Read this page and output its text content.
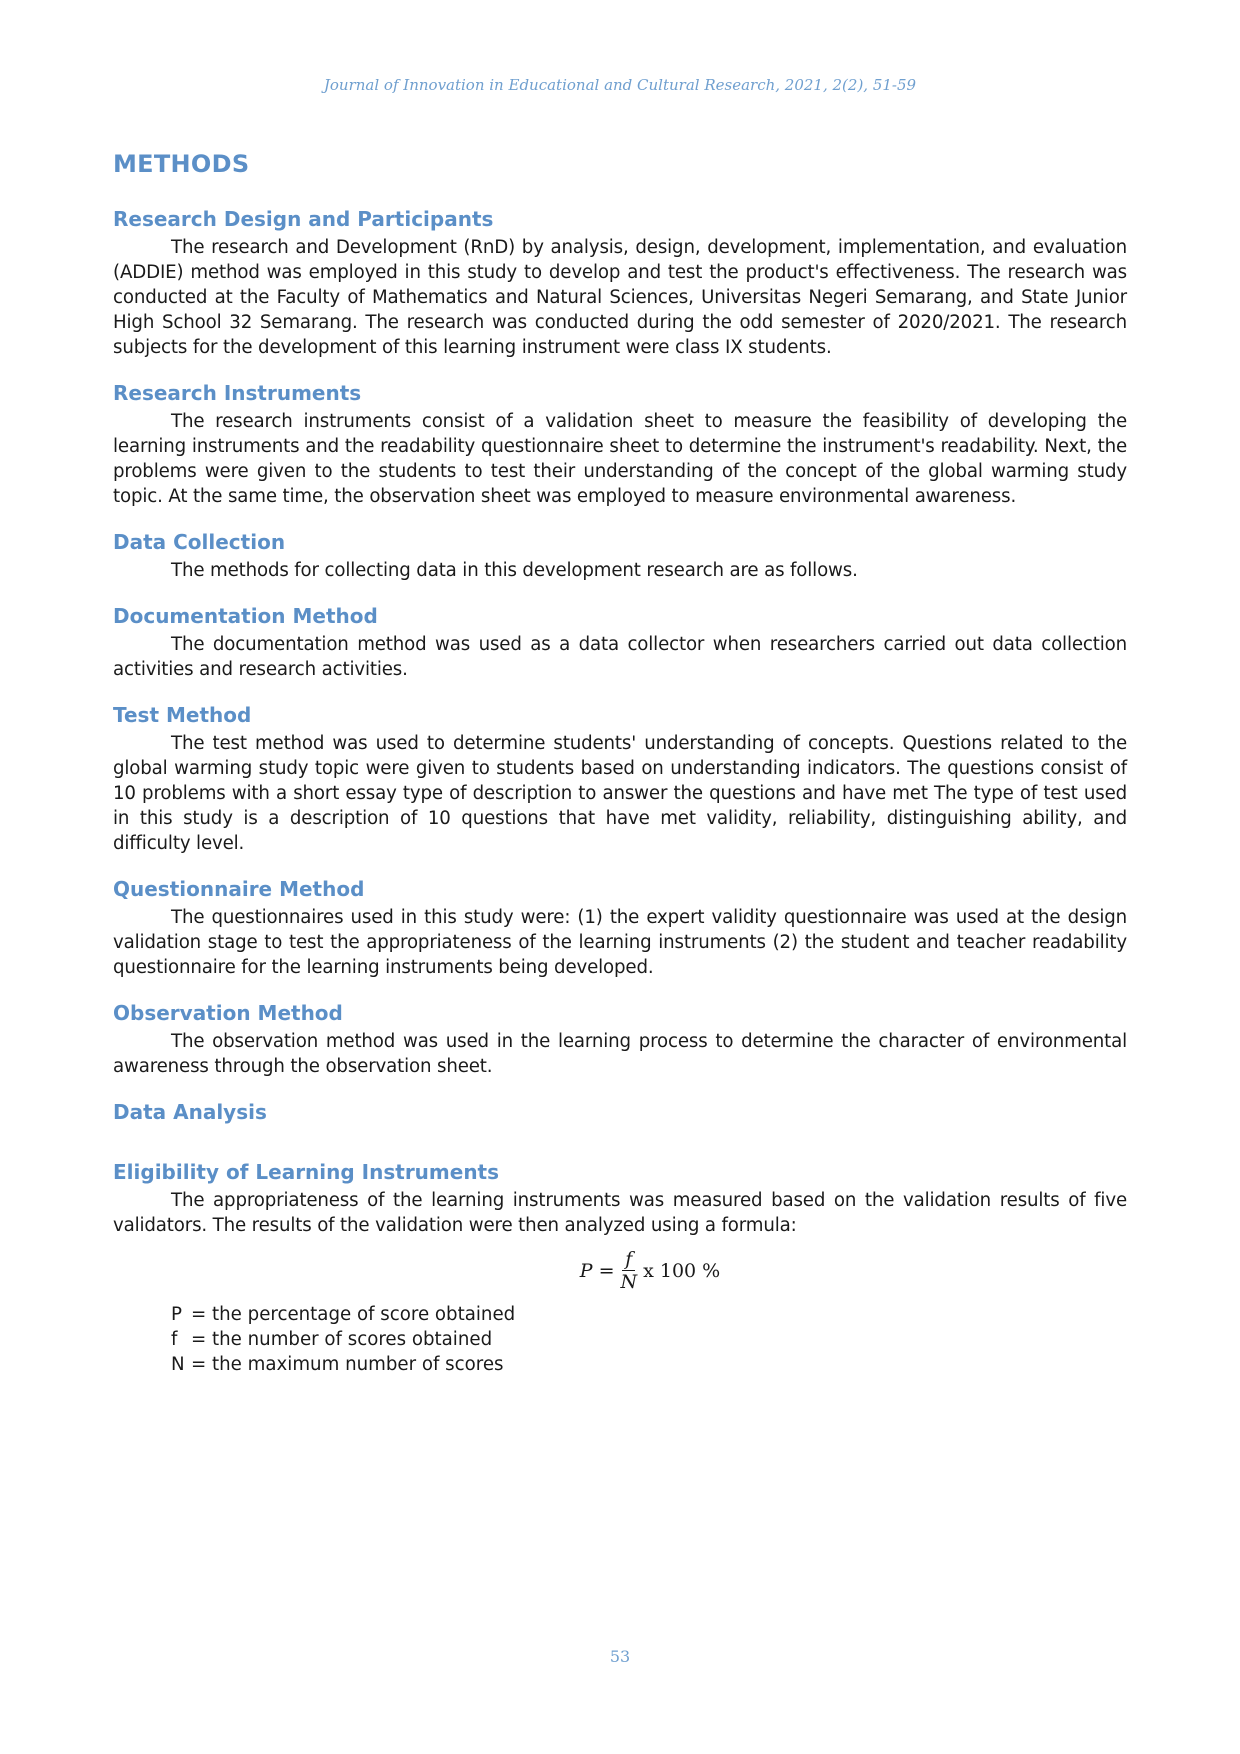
Journal of Innovation in Educational and Cultural Research, 2021, 2(2), 51-59
METHODS
Research Design and Participants

The research and Development (RnD) by analysis, design, development, implementation, and evaluation (ADDIE) method was employed in this study to develop and test the product's effectiveness. The research was conducted at the Faculty of Mathematics and Natural Sciences, Universitas Negeri Semarang, and State Junior High School 32 Semarang. The research was conducted during the odd semester of 2020/2021. The research subjects for the development of this learning instrument were class IX students.

Research Instruments

The research instruments consist of a validation sheet to measure the feasibility of developing the learning instruments and the readability questionnaire sheet to determine the instrument's readability. Next, the problems were given to the students to test their understanding of the concept of the global warming study topic. At the same time, the observation sheet was employed to measure environmental awareness.

Data Collection

The methods for collecting data in this development research are as follows.

Documentation Method

The documentation method was used as a data collector when researchers carried out data collection activities and research activities.

Test Method

The test method was used to determine students' understanding of concepts. Questions related to the global warming study topic were given to students based on understanding indicators. The questions consist of 10 problems with a short essay type of description to answer the questions and have met The type of test used in this study is a description of 10 questions that have met validity, reliability, distinguishing ability, and difficulty level.

Questionnaire Method

The questionnaires used in this study were: (1) the expert validity questionnaire was used at the design validation stage to test the appropriateness of the learning instruments (2) the student and teacher readability questionnaire for the learning instruments being developed.

Observation Method

The observation method was used in the learning process to determine the character of environmental awareness through the observation sheet.

Data Analysis
Eligibility of Learning Instruments

The appropriateness of the learning instruments was measured based on the validation results of five validators. The results of the validation were then analyzed using a formula:

$P = \frac{f}{N}$ x 100 %
P = the percentage of score obtained
f = the number of scores obtained
N = the maximum number of scores
53
